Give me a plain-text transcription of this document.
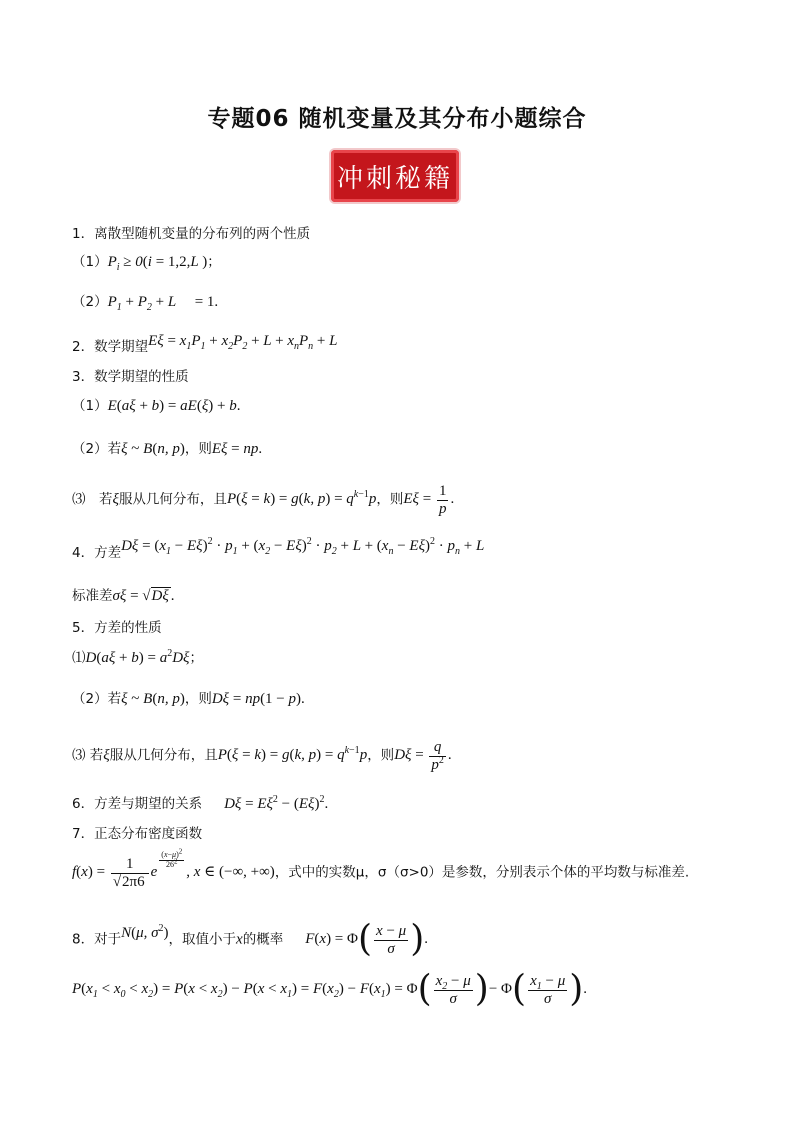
专题06 随机变量及其分布小题综合
冲刺秘籍
1．离散型随机变量的分布列的两个性质
$(1)P_i \ge 0(i = 1,2,L$ )；
$(2)P_1 + P_2 + L$ 　= 1.
2．数学期望$E\xi = x_1P_1 + x_2P_2 + L + x_nP_n + L$
3．数学期望的性质
（1）E(aξ + b) = aE(ξ) + b.
（2）若ξ ~ B(n, p)，则Eξ = np.
⑶　若ξ服从几何分布，且P(ξ = k) = g(k, $p) = q^{k-1}p$，则$E\xi = \frac{1}{p}$ .
4．方差$D\xi = (x_1 - E\xi)^2 \cdot p_1 + (x_2 - E\xi)^2 \cdot p_2 + L + (x_n - E\xi)^2 \cdot p_n + L$
标准差σξ = √Dξ .
5．方差的性质
⑴D(aξ + $b) = a^2D\xi$；
（2）若ξ ~ B(n, p)，则Dξ = np(1 − p).
⑶ 若ξ服从几何分布，且P(ξ = k) = g(k, $p) = q^{k-1}p$，则$D\xi = \frac{q}{p^2}$ .
6．方差与期望的关系 $D\xi = E\xi^2 - (E\xi)^2$.
7．正态分布密度函数
$f(x) = \frac{1}{√2\pi 6}$ e
$^{\frac{(x-\mu)^2}{26^2}}$
, x ∈ (−∞, +∞)，式中的实数μ，σ（σ>0）是参数，分别表示个体的平均数与标准差.
8．对于N(μ, $\sigma^2$)，取值小于x的概率 $F(x) = \Phi( \frac{x - \mu}{\sigma}$ ).
$P(x_1 < x_0 < x_2) = P(x < x_2) - P(x < x_1) = F(x_2) - F(x_1) = \Phi( \frac{x_2 - \mu}{\sigma}$ )− $\Phi( \frac{x_1 - \mu}{\sigma}$ ).
